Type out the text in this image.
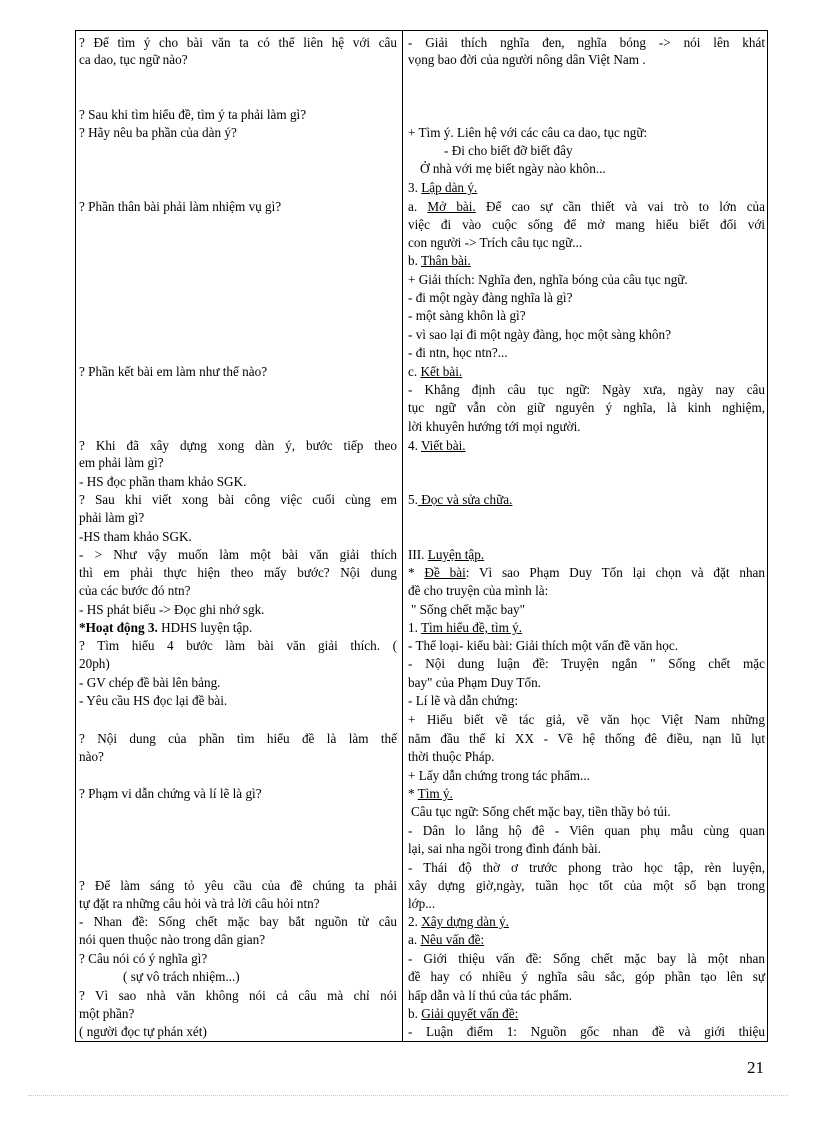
? Để tìm ý cho bài văn ta có thể liên hệ với câu
ca dao, tục ngữ nào?
? Sau khi tìm hiểu đề, tìm ý ta phải làm gì?
? Hãy nêu ba phần của dàn ý?
? Phần thân bài phải làm nhiệm vụ gì?
? Phần kết bài em làm như thế nào?
? Khi đã xây dựng xong dàn ý, bước tiếp theo
em phải làm gì?
- HS đọc phần tham khảo SGK.
? Sau khi viết xong bài công việc cuối cùng em
phải làm gì?
-HS tham khảo SGK.
- > Như vậy muốn làm một bài văn giải thích
thì em phải thực hiện theo mấy bước? Nội dung
của các bước đó ntn?
- HS phát biểu -> Đọc ghi nhớ sgk.
*Hoạt động 3. HDHS luyện tập.
? Tìm hiểu 4 bước làm bài văn giải thích. (
20ph)
- GV chép đề bài lên bảng.
- Yêu cầu HS đọc lại đề bài.
? Nội dung của phần tìm hiểu đề là làm thế
nào?
? Phạm vi dẫn chứng và lí lẽ là gì?
? Để làm sáng tỏ yêu cầu của đề chúng ta phải
tự đặt ra những câu hỏi và trả lời câu hỏi ntn?
- Nhan đề: Sống chết mặc bay bắt nguồn từ câu
nói quen thuộc nào trong dân gian?
? Câu nói có ý nghĩa gì?
( sự vô trách nhiệm...)
? Vì sao nhà văn không nói cả câu mà chỉ nói
một phần?
( người đọc tự phán xét)
- Giải thích nghĩa đen, nghĩa bóng -> nói lên khát
vọng bao đời của người nông dân Việt Nam .
+ Tìm ý. Liên hệ với các câu ca dao, tục ngữ:
- Đi cho biết đỡ biết đây
Ở nhà với mẹ biết ngày nào khôn...
3. Lập dàn ý.
a. Mở bài. Để cao sự cần thiết và vai trò to lớn của
việc đi vào cuộc sống để mở mang hiểu biết đối với
con người -> Trích câu tục ngữ...
b. Thân bài.
+ Giải thích: Nghĩa đen, nghĩa bóng của câu tục ngữ.
- đi một ngày đàng nghĩa là gì?
- một sàng khôn là gì?
- vì sao lại đi một ngày đàng, học một sàng khôn?
- đi ntn, học ntn?...
c. Kết bài.
- Khẳng định câu tục ngữ: Ngày xưa, ngày nay câu
tục ngữ vẫn còn giữ nguyên ý nghĩa, là kinh nghiệm,
lời khuyên hướng tới mọi người.
4. Viết bài.
5. Đọc và sửa chữa.
III. Luyện tập.
* Đề bài: Vì sao Phạm Duy Tốn lại chọn và đặt nhan
đề cho truyện của mình là:
" Sống chết mặc bay"
1. Tìm hiểu đề, tìm ý.
- Thể loại- kiểu bài: Giải thích một vấn đề văn học.
- Nội dung luận đề: Truyện ngắn " Sống chết mặc
bay" của Phạm Duy Tốn.
- Lí lẽ và dẫn chứng:
+ Hiểu biết về tác giả, về văn học Việt Nam những
năm đầu thế kỉ XX - Về hệ thống đê điều, nạn lũ lụt
thời thuộc Pháp.
+ Lấy dẫn chứng trong tác phẩm...
* Tìm ý.
Câu tục ngữ: Sống chết mặc bay, tiền thầy bỏ túi.
- Dân lo lắng hộ đê - Viên quan phụ mẫu cùng quan
lại, sai nha ngồi trong đình đánh bài.
- Thái độ thờ ơ trước phong trào học tập, rèn luyện,
xây dựng giờ,ngày, tuần học tốt của một số bạn trong
lớp...
2. Xây dựng dàn ý.
a. Nêu vấn đề:
- Giới thiệu vấn đề: Sống chết mặc bay là một nhan
đề hay có nhiều ý nghĩa sâu sắc, góp phần tạo lên sự
hấp dẫn và lí thú của tác phẩm.
b. Giải quyết vấn đề:
- Luận điểm 1: Nguồn gốc nhan đề và giới thiệu
21
